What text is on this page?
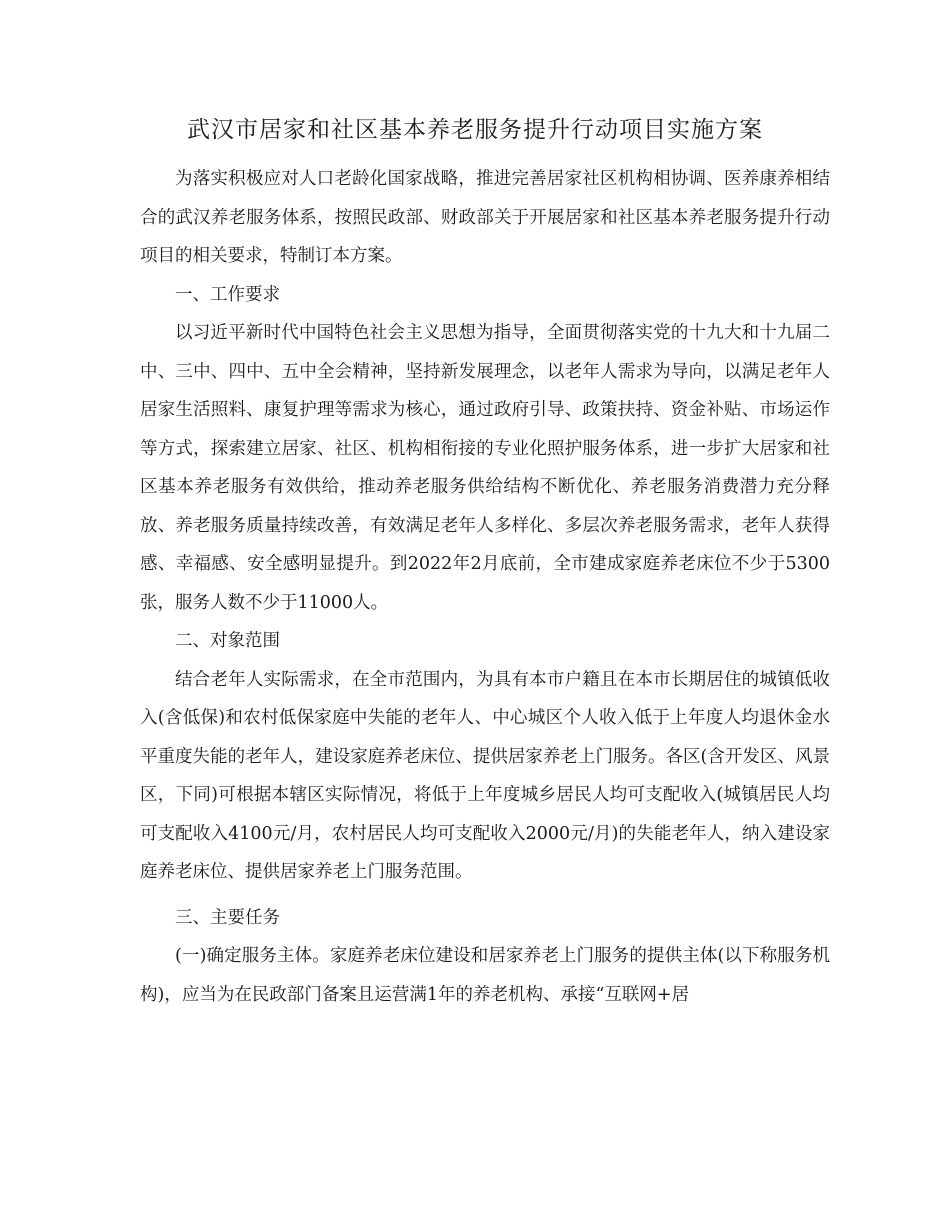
武汉市居家和社区基本养老服务提升行动项目实施方案

为落实积极应对人口老龄化国家战略，推进完善居家社区机构相协调、医养康养相结合的武汉养老服务体系，按照民政部、财政部关于开展居家和社区基本养老服务提升行动项目的相关要求，特制订本方案。

一、工作要求

以习近平新时代中国特色社会主义思想为指导，全面贯彻落实党的十九大和十九届二中、三中、四中、五中全会精神，坚持新发展理念，以老年人需求为导向，以满足老年人居家生活照料、康复护理等需求为核心，通过政府引导、政策扶持、资金补贴、市场运作等方式，探索建立居家、社区、机构相衔接的专业化照护服务体系，进一步扩大居家和社区基本养老服务有效供给，推动养老服务供给结构不断优化、养老服务消费潜力充分释放、养老服务质量持续改善，有效满足老年人多样化、多层次养老服务需求，老年人获得感、幸福感、安全感明显提升。到2022年2月底前，全市建成家庭养老床位不少于5300张，服务人数不少于11000人。

二、对象范围

结合老年人实际需求，在全市范围内，为具有本市户籍且在本市长期居住的城镇低收入(含低保)和农村低保家庭中失能的老年人、中心城区个人收入低于上年度人均退休金水平重度失能的老年人，建设家庭养老床位、提供居家养老上门服务。各区(含开发区、风景区，下同)可根据本辖区实际情况，将低于上年度城乡居民人均可支配收入(城镇居民人均可支配收入4100元/月，农村居民人均可支配收入2000元/月)的失能老年人，纳入建设家庭养老床位、提供居家养老上门服务范围。

三、主要任务

(一)确定服务主体。家庭养老床位建设和居家养老上门服务的提供主体(以下称服务机构)，应当为在民政部门备案且运营满1年的养老机构、承接“互联网+居
